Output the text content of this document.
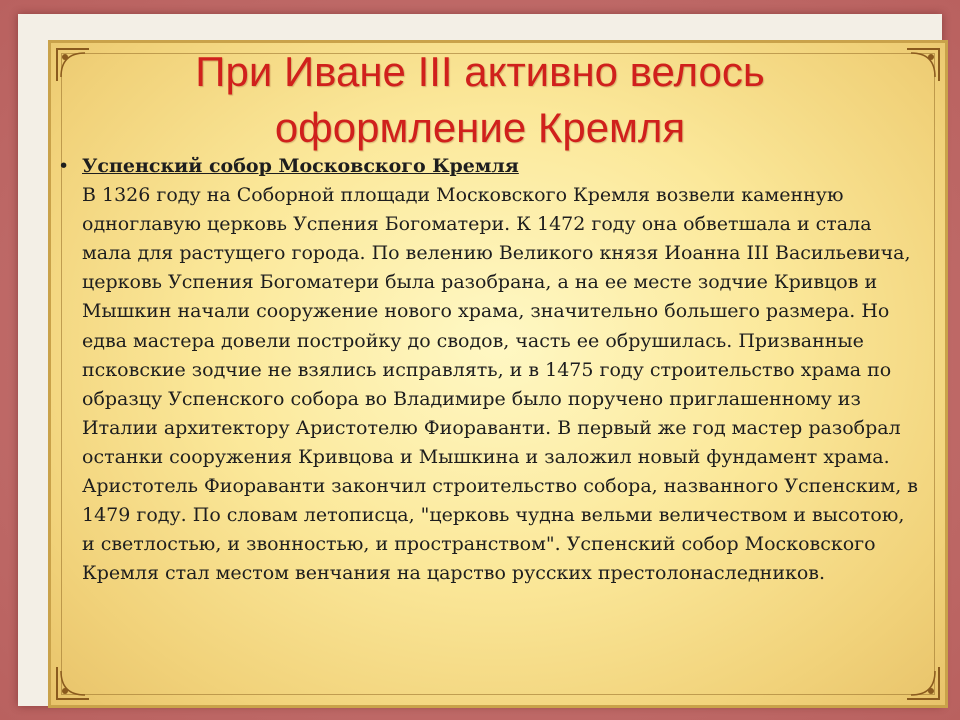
При Иване III активно велось
оформление Кремля
• Успенский собор Московского Кремля
В 1326 году на Соборной площади Московского Кремля возвели каменную одноглавую церковь Успения Богоматери. К 1472 году она обветшала и стала мала для растущего города. По велению Великого князя Иоанна III Васильевича, церковь Успения Богоматери была разобрана, а на ее месте зодчие Кривцов и Мышкин начали сооружение нового храма, значительно большего размера. Но едва мастера довели постройку до сводов, часть ее обрушилась. Призванные псковские зодчие не взялись исправлять, и в 1475 году строительство храма по образцу Успенского собора во Владимире было поручено приглашенному из Италии архитектору Аристотелю Фиораванти. В первый же год мастер разобрал останки сооружения Кривцова и Мышкина и заложил новый фундамент храма. Аристотель Фиораванти закончил строительство собора, названного Успенским, в 1479 году. По словам летописца, "церковь чудна вельми величеством и высотою, и светлостью, и звонностью, и пространством". Успенский собор Московского Кремля стал местом венчания на царство русских престолонаследников.
